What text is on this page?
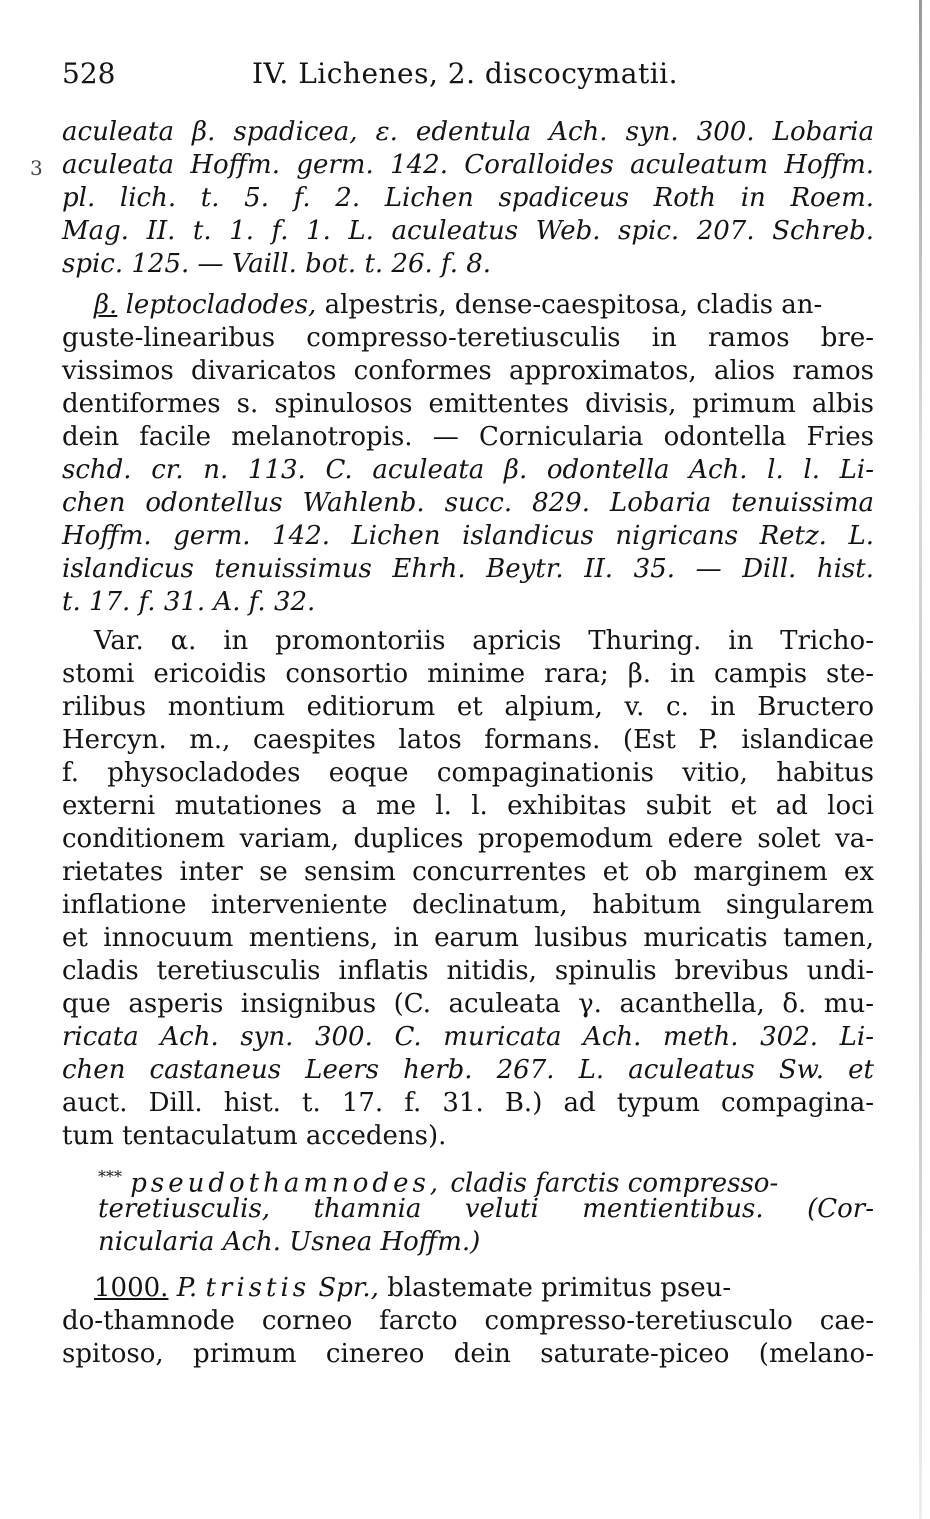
528	IV. Lichenes, 2. discocymatii.
3
aculeata β. spadicea, ε. edentula Ach. syn. 300. Lobaria
aculeata Hoffm. germ. 142. Coralloides aculeatum Hoffm.
pl. lich. t. 5. f. 2. Lichen spadiceus Roth in Roem.
Mag. II. t. 1. f. 1. L. aculeatus Web. spic. 207. Schreb.
spic. 125. — Vaill. bot. t. 26. f. 8.
β. leptocladodes, alpestris, dense-caespitosa, cladis an-
guste-linearibus compresso-teretiusculis in ramos bre-
vissimos divaricatos conformes approximatos, alios ramos
dentiformes s. spinulosos emittentes divisis, primum albis
dein facile melanotropis. — Cornicularia odontella Fries
schd. cr. n. 113. C. aculeata β. odontella Ach. l. l. Li-
chen odontellus Wahlenb. succ. 829. Lobaria tenuissima
Hoffm. germ. 142. Lichen islandicus nigricans Retz. L.
islandicus tenuissimus Ehrh. Beytr. II. 35. — Dill. hist.
t. 17. f. 31. A. f. 32.
Var. α. in promontoriis apricis Thuring. in Tricho-
stomi ericoidis consortio minime rara; β. in campis ste-
rilibus montium editiorum et alpium, v. c. in Bructero
Hercyn. m., caespites latos formans. (Est P. islandicae
f. physocladodes eoque compaginationis vitio, habitus
externi mutationes a me l. l. exhibitas subit et ad loci
conditionem variam, duplices propemodum edere solet va-
rietates inter se sensim concurrentes et ob marginem ex
inflatione interveniente declinatum, habitum singularem
et innocuum mentiens, in earum lusibus muricatis tamen,
cladis teretiusculis inflatis nitidis, spinulis brevibus undi-
que asperis insignibus (C. aculeata γ. acanthella, δ. mu-
ricata Ach. syn. 300. C. muricata Ach. meth. 302. Li-
chen castaneus Leers herb. 267. L. aculeatus Sw. et
auct. Dill. hist. t. 17. f. 31. B.) ad typum compagina-
tum tentaculatum accedens).
*** pseudothamnodes, cladis farctis compresso-
teretiusculis, thamnia veluti mentientibus. (Cor-
nicularia Ach. Usnea Hoffm.)
1000. P. tristis Spr., blastemate primitus pseu-
do-thamnode corneo farcto compresso-teretiusculo cae-
spitoso, primum cinereo dein saturate-piceo (melano-
